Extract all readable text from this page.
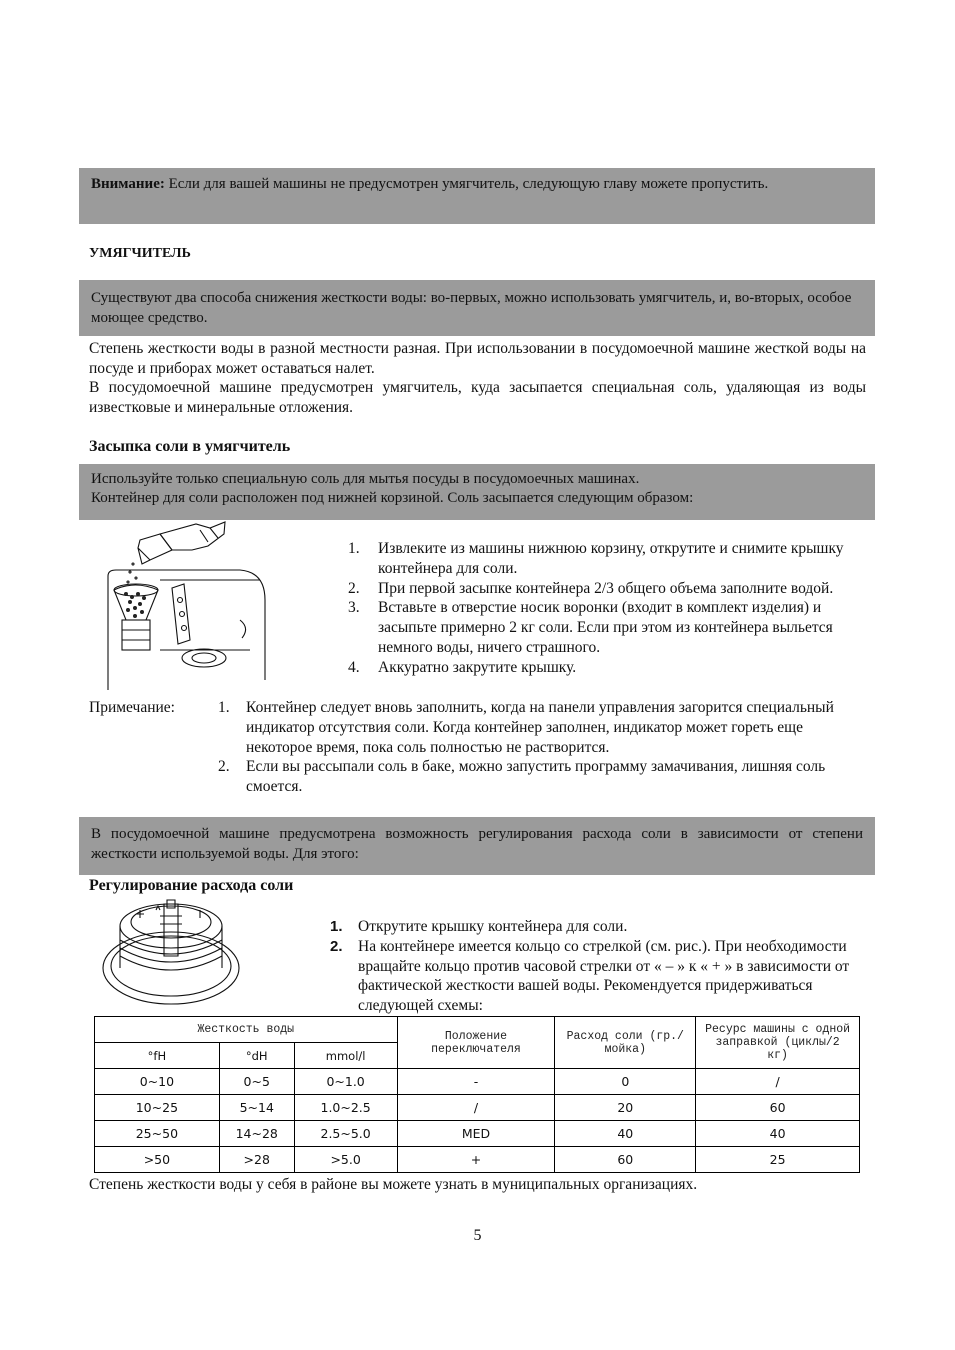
Внимание: Если для вашей машины не предусмотрен умягчитель, следующую главу можете пропустить.

УМЯГЧИТЕЛЬ

Существуют два способа снижения жесткости воды: во-первых, можно использовать умягчитель, и, во-вторых, особое моющее средство.

Степень жесткости воды в разной местности разная. При использовании в посудомоечной машине жесткой воды на посуде и приборах может оставаться налет.

В посудомоечной машине предусмотрен умягчитель, куда засыпается специальная соль, удаляющая из воды известковые и минеральные отложения.

Засыпка соли в умягчитель

Используйте только специальную соль для мытья посуды в посудомоечных машинах.

Контейнер для соли расположен под нижней корзиной. Соль засыпается следующим образом:

1. Извлеките из машины нижнюю корзину, открутите и снимите крышку контейнера для соли.
2. При первой засыпке контейнера 2/3 общего объема заполните водой.
3. Вставьте в отверстие носик воронки (входит в комплект изделия) и засыпьте примерно 2 кг соли. Если при этом из контейнера выльется немного воды, ничего страшного.
4. Аккуратно закрутите крышку.
Примечание:	1. Контейнер следует вновь заполнить, когда на панели управления загорится специальный индикатор отсутствия соли. Когда контейнер заполнен, индикатор может гореть еще некоторое время, пока соль полностью не растворится.
2. Если вы рассыпали соль в баке, можно запустить программу замачивания, лишняя соль смоется.

В посудомоечной машине предусмотрена возможность регулирования расхода соли в зависимости от степени жесткости используемой воды. Для этого:

Регулирование расхода соли
1. Открутите крышку контейнера для соли.
2. На контейнере имеется кольцо со стрелкой (см. рис.). При необходимости вращайте кольцо против часовой стрелки от « – » к « + » в зависимости от фактической жесткости вашей воды. Рекомендуется придерживаться следующей схемы:
Жесткость воды			Положение переключателя	Расход соли (гр./мойка)	Ресурс машины с одной заправкой (циклы/2 кг)
°fH	°dH	mmol/l			
0~10	0~5	0~1.0	-	0	/
10~25	5~14	1.0~2.5	/	20	60
25~50	14~28	2.5~5.0	MED	40	40
>50	>28	>5.0	+	60	25
Степень жесткости воды у себя в районе вы можете узнать в муниципальных организациях.
5
